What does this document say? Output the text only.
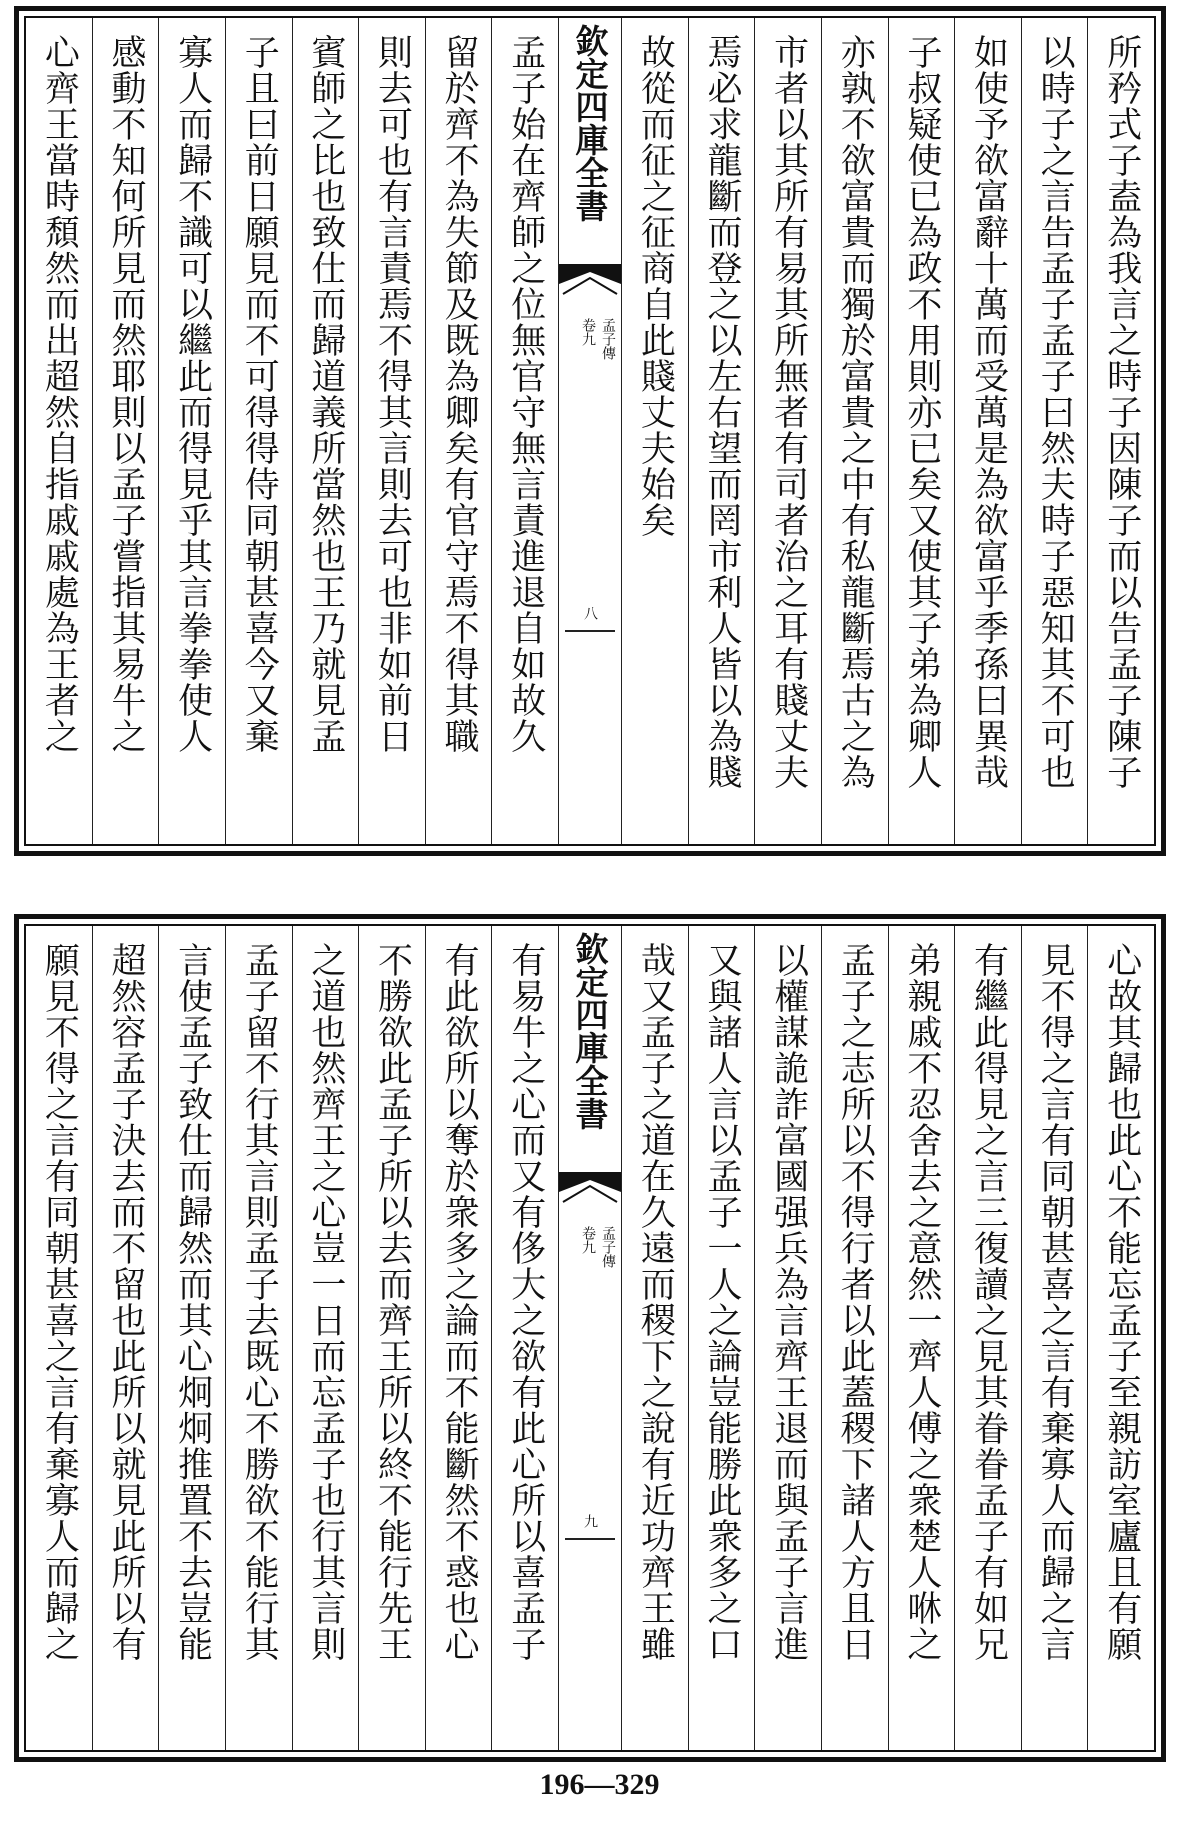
所矜式子盍為我言之時子因陳子而以告孟子陳子
以時子之言告孟子孟子曰然夫時子惡知其不可也
如使予欲富辭十萬而受萬是為欲富乎季孫曰異哉
子叔疑使已為政不用則亦已矣又使其子弟為卿人
亦孰不欲富貴而獨於富貴之中有私龍斷焉古之為
市者以其所有易其所無者有司者治之耳有賤丈夫
焉必求龍斷而登之以左右望而罔市利人皆以為賤
故從而征之征商自此賤丈夫始矣
欽定四庫全書
孟子傳
卷九
八
孟子始在齊師之位無官守無言責進退自如故久
留於齊不為失節及既為卿矣有官守焉不得其職
則去可也有言責焉不得其言則去可也非如前日
賓師之比也致仕而歸道義所當然也王乃就見孟
子且曰前日願見而不可得得侍同朝甚喜今又棄
寡人而歸不識可以繼此而得見乎其言拳拳使人
感動不知何所見而然耶則以孟子嘗指其易牛之
心齊王當時頹然而出超然自指戚戚處為王者之
心故其歸也此心不能忘孟子至親訪室廬且有願
見不得之言有同朝甚喜之言有棄寡人而歸之言
有繼此得見之言三復讀之見其眷眷孟子有如兄
弟親戚不忍舍去之意然一齊人傅之衆楚人咻之
孟子之志所以不得行者以此蓋稷下諸人方且日
以權謀詭詐富國强兵為言齊王退而與孟子言進
又與諸人言以孟子一人之論豈能勝此衆多之口
哉又孟子之道在久遠而稷下之說有近功齊王雖
欽定四庫全書
孟子傳
卷九
九
有易牛之心而又有侈大之欲有此心所以喜孟子
有此欲所以奪於衆多之論而不能斷然不惑也心
不勝欲此孟子所以去而齊王所以終不能行先王
之道也然齊王之心豈一日而忘孟子也行其言則
孟子留不行其言則孟子去既心不勝欲不能行其
言使孟子致仕而歸然而其心炯炯推置不去豈能
超然容孟子決去而不留也此所以就見此所以有
願見不得之言有同朝甚喜之言有棄寡人而歸之
196—329
